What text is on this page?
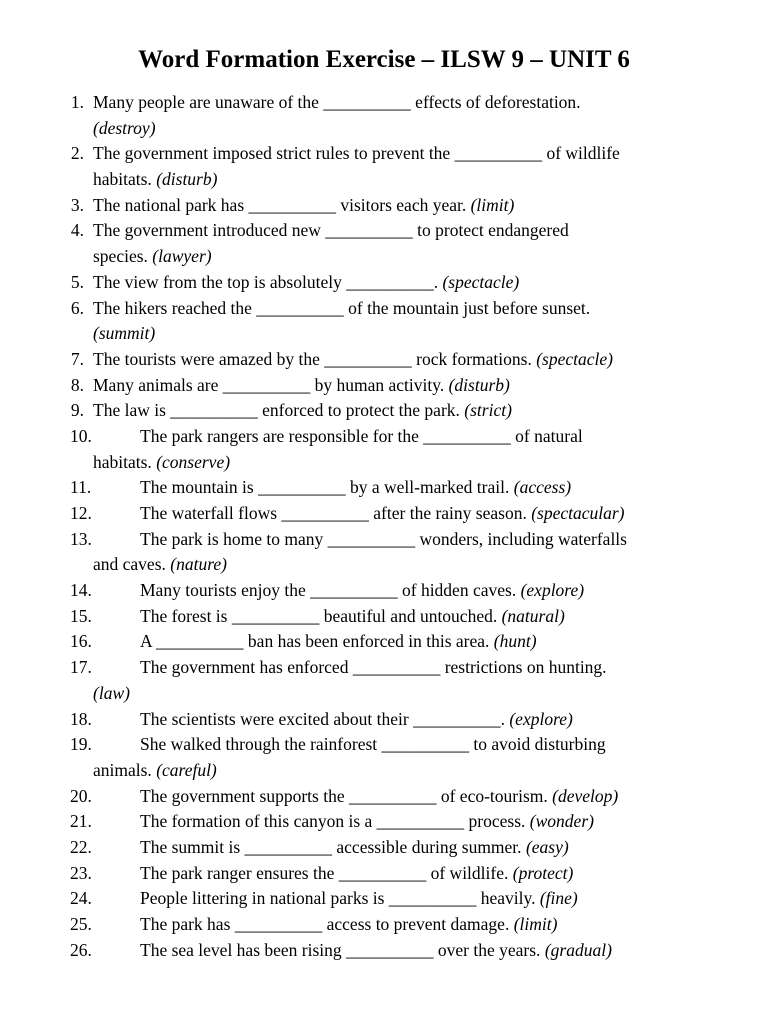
Word Formation Exercise – ILSW 9 – UNIT 6
1. Many people are unaware of the __________ effects of deforestation.
(destroy)
2. The government imposed strict rules to prevent the __________ of wildlife
habitats. (disturb)
3. The national park has __________ visitors each year. (limit)
4. The government introduced new __________ to protect endangered
species. (lawyer)
5. The view from the top is absolutely __________. (spectacle)
6. The hikers reached the __________ of the mountain just before sunset.
(summit)
7. The tourists were amazed by the __________ rock formations. (spectacle)
8. Many animals are __________ by human activity. (disturb)
9. The law is __________ enforced to protect the park. (strict)
10.	The park rangers are responsible for the __________ of natural
habitats. (conserve)
11.	The mountain is __________ by a well-marked trail. (access)
12.	The waterfall flows __________ after the rainy season. (spectacular)
13.	The park is home to many __________ wonders, including waterfalls
and caves. (nature)
14.	Many tourists enjoy the __________ of hidden caves. (explore)
15.	The forest is __________ beautiful and untouched. (natural)
16.	A __________ ban has been enforced in this area. (hunt)
17.	The government has enforced __________ restrictions on hunting.
(law)
18.	The scientists were excited about their __________. (explore)
19.	She walked through the rainforest __________ to avoid disturbing
animals. (careful)
20.	The government supports the __________ of eco-tourism. (develop)
21.	The formation of this canyon is a __________ process. (wonder)
22.	The summit is __________ accessible during summer. (easy)
23.	The park ranger ensures the __________ of wildlife. (protect)
24.	People littering in national parks is __________ heavily. (fine)
25.	The park has __________ access to prevent damage. (limit)
26.	The sea level has been rising __________ over the years. (gradual)
